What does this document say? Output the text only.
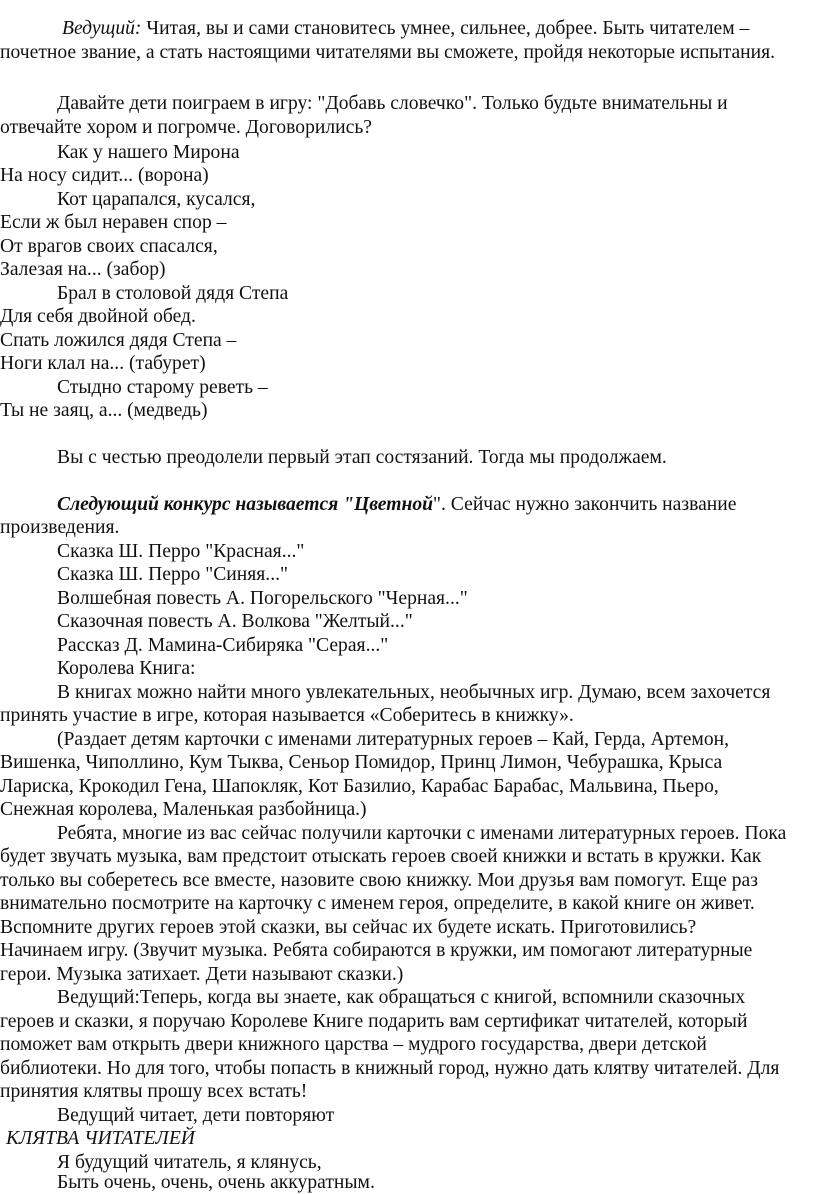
Ведущий: Читая, вы и сами становитесь умнее, сильнее, добрее. Быть читателем –
почетное звание, а стать настоящими читателями вы сможете, пройдя некоторые испытания.
Давайте дети поиграем в игру: "Добавь словечко". Только будьте внимательны и
отвечайте хором и погромче. Договорились?
Как у нашего Мирона
На носу сидит... (ворона)
Кот царапался, кусался,
Если ж был неравен спор –
От врагов своих спасался,
Залезая на... (забор)
Брал в столовой дядя Степа
Для себя двойной обед.
Спать ложился дядя Степа –
Ноги клал на... (табурет)
Стыдно старому реветь –
Ты не заяц, а... (медведь)
Вы с честью преодолели первый этап состязаний. Тогда мы продолжаем.
Следующий конкурс называется "Цветной". Сейчас нужно закончить название
произведения.
Сказка Ш. Перро "Красная..."
Сказка Ш. Перро "Синяя..."
Волшебная повесть А. Погорельского "Черная..."
Сказочная повесть А. Волкова "Желтый..."
Рассказ Д. Мамина-Сибиряка "Серая..."
Королева Книга:
В книгах можно найти много увлекательных, необычных игр. Думаю, всем захочется
принять участие в игре, которая называется «Соберитесь в книжку».
(Раздает детям карточки с именами литературных героев – Кай, Герда, Артемон,
Вишенка, Чиполлино, Кум Тыква, Сеньор Помидор, Принц Лимон, Чебурашка, Крыса
Лариска, Крокодил Гена, Шапокляк, Кот Базилио, Карабас Барабас, Мальвина, Пьеро,
Снежная королева, Маленькая разбойница.)
Ребята, многие из вас сейчас получили карточки с именами литературных героев. Пока
будет звучать музыка, вам предстоит отыскать героев своей книжки и встать в кружки. Как
только вы соберетесь все вместе, назовите свою книжку. Мои друзья вам помогут. Еще раз
внимательно посмотрите на карточку с именем героя, определите, в какой книге он живет.
Вспомните других героев этой сказки, вы сейчас их будете искать. Приготовились?
Начинаем игру. (Звучит музыка. Ребята собираются в кружки, им помогают литературные
герои. Музыка затихает. Дети называют сказки.)
Ведущий:Теперь, когда вы знаете, как обращаться с книгой, вспомнили сказочных
героев и сказки, я поручаю Королеве Книге подарить вам сертификат читателей, который
поможет вам открыть двери книжного царства – мудрого государства, двери детской
библиотеки. Но для того, чтобы попасть в книжный город, нужно дать клятву читателей. Для
принятия клятвы прошу всех встать!
Ведущий читает, дети повторяют
КЛЯТВА ЧИТАТЕЛЕЙ
Я будущий читатель, я клянусь,
Быть очень, очень, очень аккуратным.
